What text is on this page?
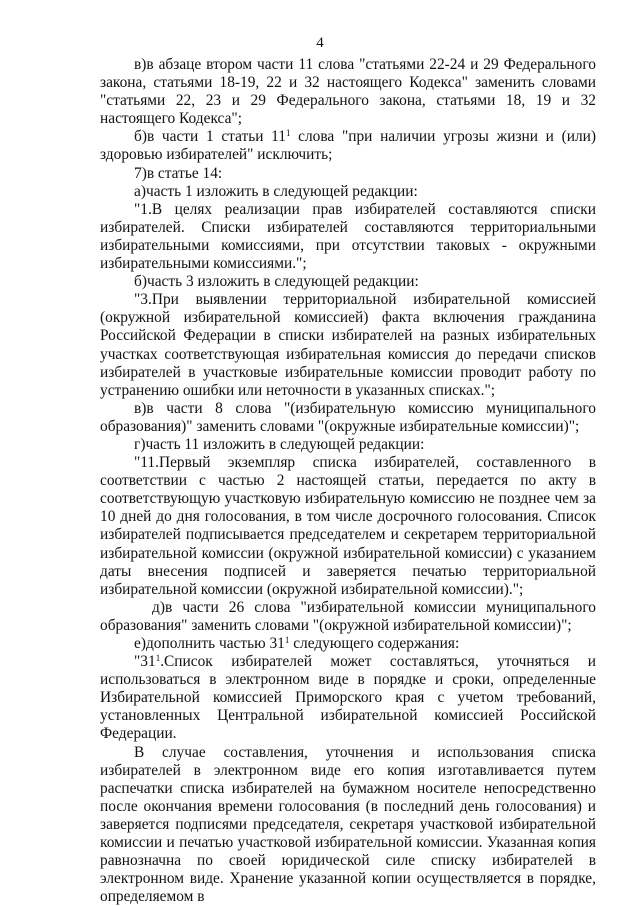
4

в)в абзаце втором части 11 слова "статьями 22-24 и 29 Федерального закона, статьями 18-19, 22 и 32 настоящего Кодекса" заменить словами "статьями 22, 23 и 29 Федерального закона, статьями 18, 19 и 32 настоящего Кодекса";

б)в части 1 статьи $11^1$ слова "при наличии угрозы жизни и (или) здоровью избирателей" исключить;

7)в статье 14:

а)часть 1 изложить в следующей редакции:

"1.В целях реализации прав избирателей составляются списки избирателей. Списки избирателей составляются территориальными избирательными комиссиями, при отсутствии таковых - окружными избирательными комиссиями.";

б)часть 3 изложить в следующей редакции:

"3.При выявлении территориальной избирательной комиссией (окружной избирательной комиссией) факта включения гражданина Российской Федерации в списки избирателей на разных избирательных участках соответствующая избирательная комиссия до передачи списков избирателей в участковые избирательные комиссии проводит работу по устранению ошибки или неточности в указанных списках.";

в)в части 8 слова "(избирательную комиссию муниципального образования)" заменить словами "(окружные избирательные комиссии)";

г)часть 11 изложить в следующей редакции:

"11.Первый экземпляр списка избирателей, составленного в соответствии с частью 2 настоящей статьи, передается по акту в соответствующую участковую избирательную комиссию не позднее чем за 10 дней до дня голосования, в том числе досрочного голосования. Список избирателей подписывается председателем и секретарем территориальной избирательной комиссии (окружной избирательной комиссии) с указанием даты внесения подписей и заверяется печатью территориальной избирательной комиссии (окружной избирательной комиссии).";

д)в части 26 слова "избирательной комиссии муниципального образования" заменить словами "(окружной избирательной комиссии)";

е)дополнить частью $31^1$ следующего содержания:

"$31^1.Список$ избирателей может составляться, уточняться и использоваться в электронном виде в порядке и сроки, определенные Избирательной комиссией Приморского края с учетом требований, установленных Центральной избирательной комиссией Российской Федерации.

В случае составления, уточнения и использования списка избирателей в электронном виде его копия изготавливается путем распечатки списка избирателей на бумажном носителе непосредственно после окончания времени голосования (в последний день голосования) и заверяется подписями председателя, секретаря участковой избирательной комиссии и печатью участковой избирательной комиссии. Указанная копия равнозначна по своей юридической силе списку избирателей в электронном виде. Хранение указанной копии осуществляется в порядке, определяемом в
